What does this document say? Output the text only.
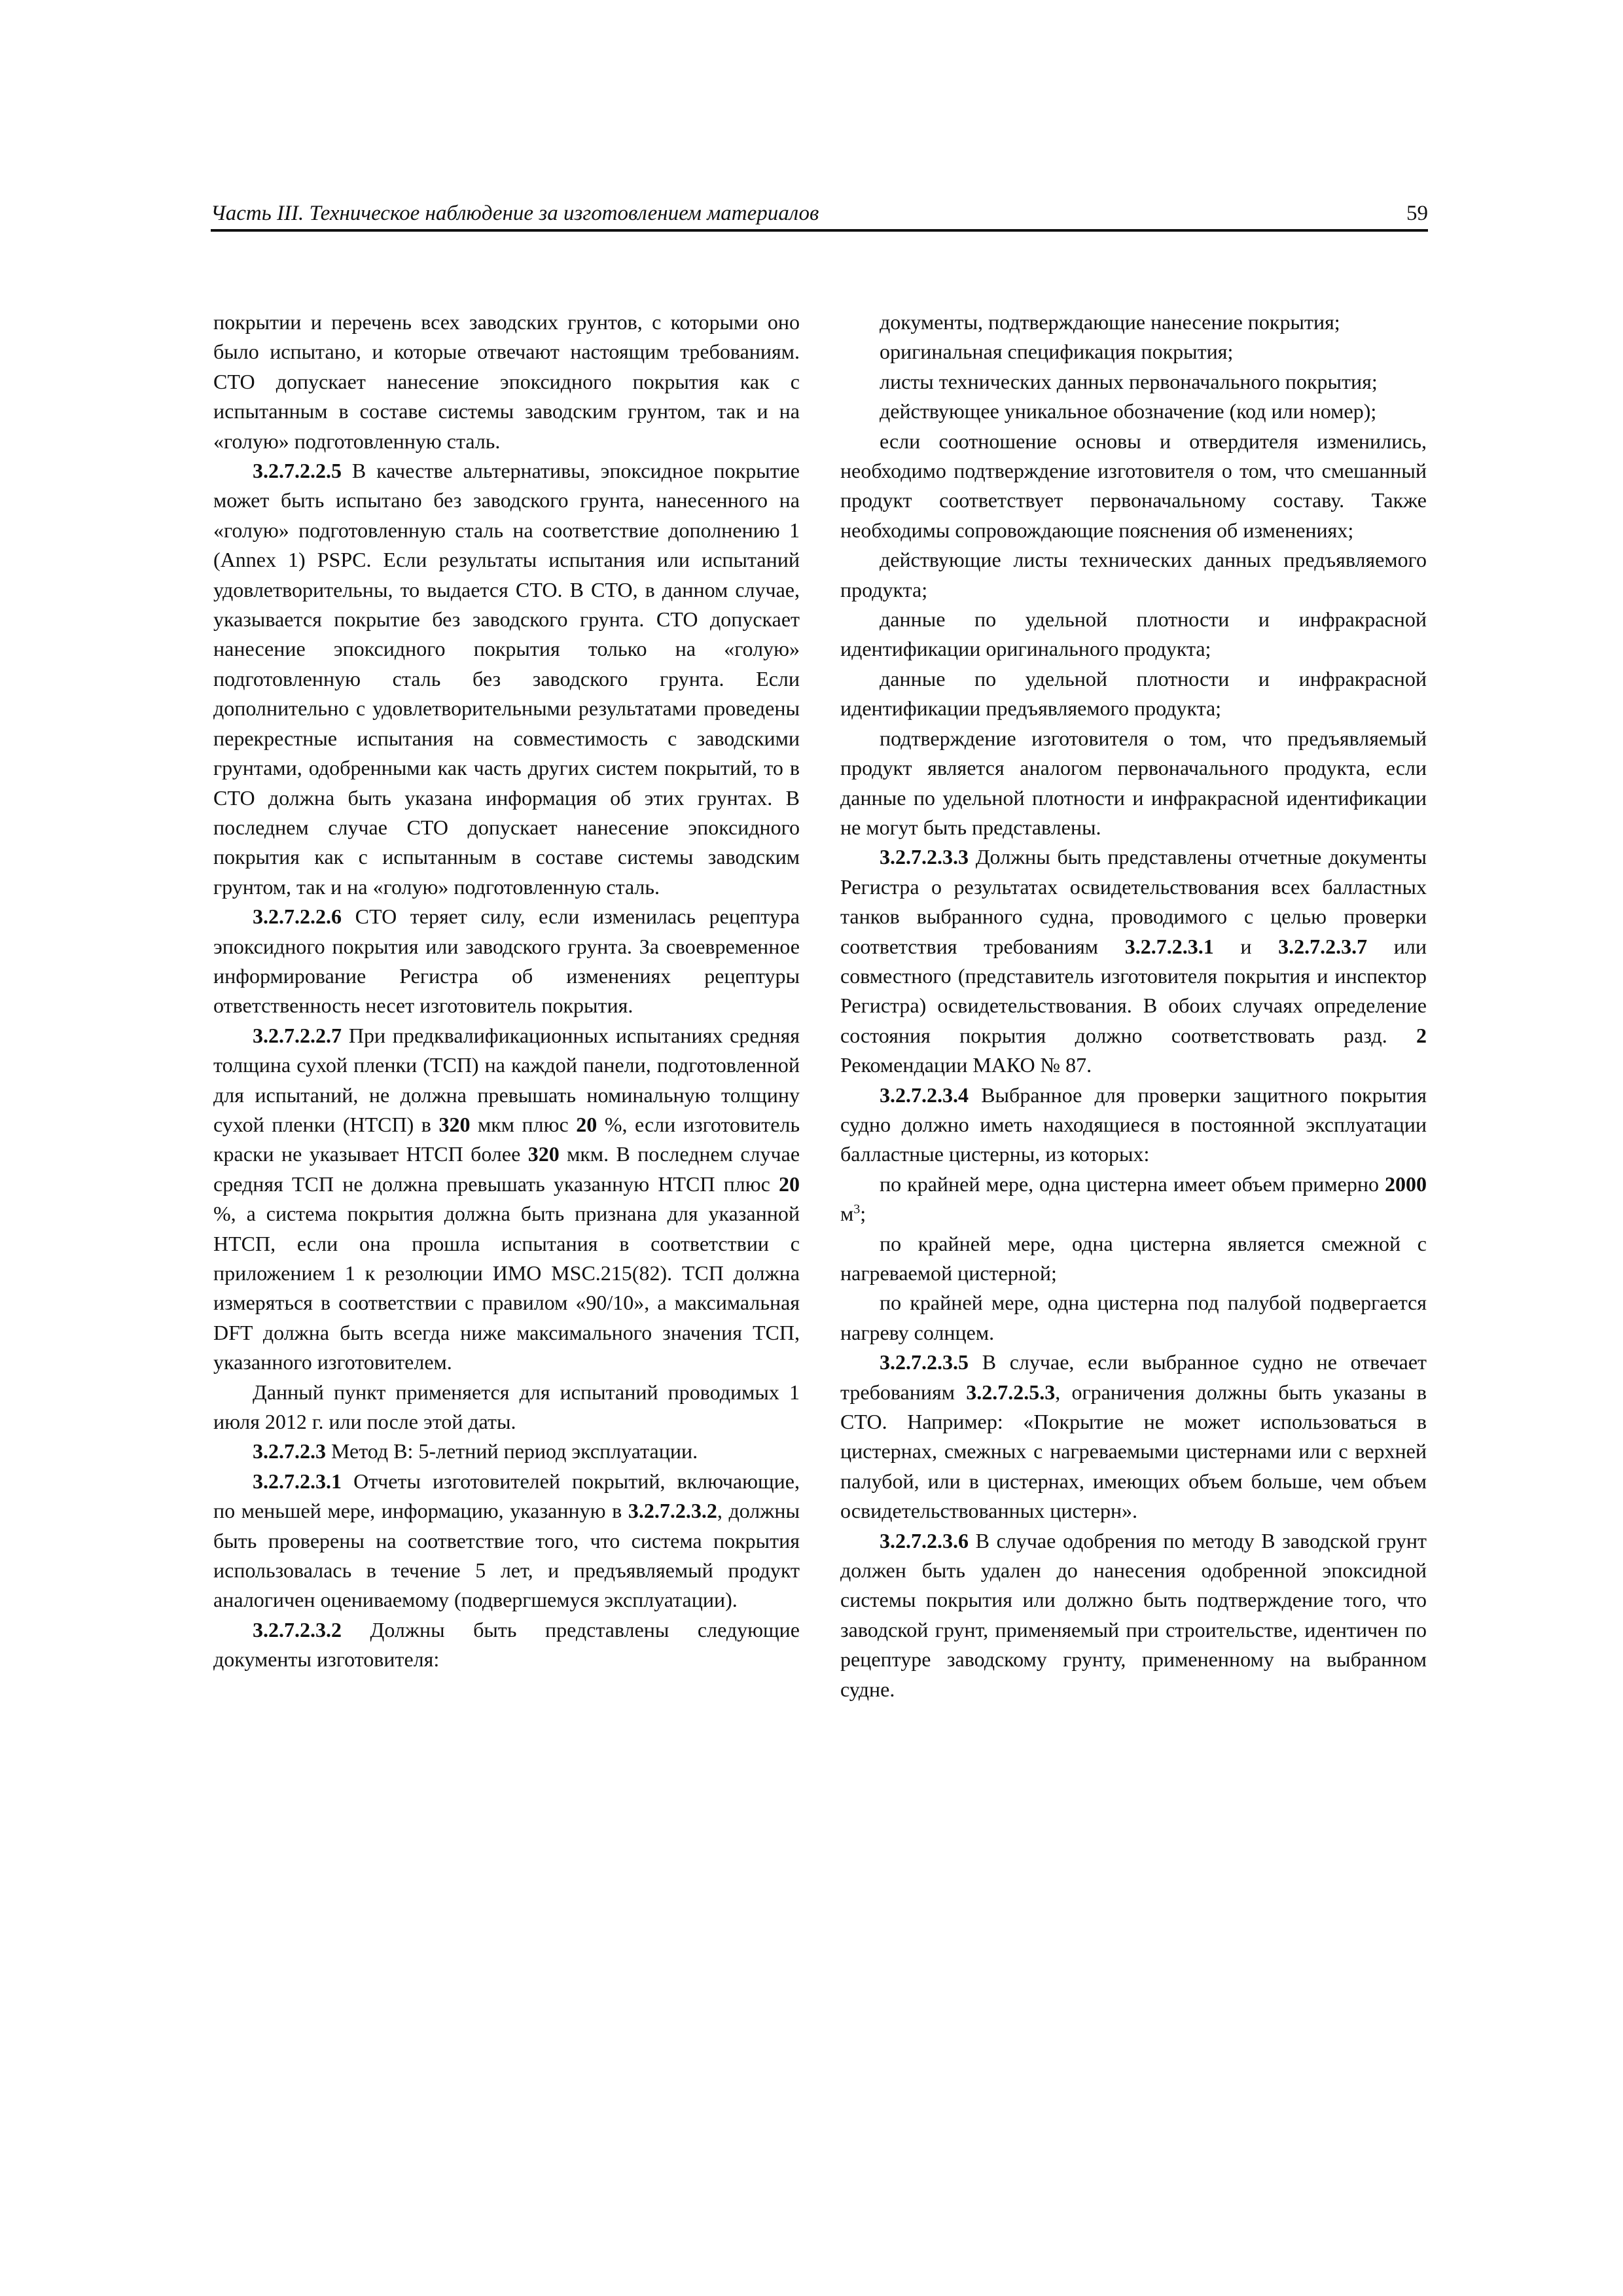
Часть III. Техническое наблюдение за изготовлением материалов	59

покрытии и перечень всех заводских грунтов, с которыми оно было испытано, и которые отвечают настоящим требованиям. СТО допускает нанесение эпоксидного покрытия как с испытанным в составе системы заводским грунтом, так и на «голую» подготовленную сталь.

3.2.7.2.2.5 В качестве альтернативы, эпоксидное покрытие может быть испытано без заводского грунта, нанесенного на «голую» подготовленную сталь на соответствие дополнению 1 (Annex 1) PSPC. Если результаты испытания или испытаний удовлетворительны, то выдается СТО. В СТО, в данном случае, указывается покрытие без заводского грунта. СТО допускает нанесение эпоксидного покрытия только на «голую» подготовленную сталь без заводского грунта. Если дополнительно с удовлетворительными результатами проведены перекрестные испытания на совместимость с заводскими грунтами, одобренными как часть других систем покрытий, то в СТО должна быть указана информация об этих грунтах. В последнем случае СТО допускает нанесение эпоксидного покрытия как с испытанным в составе системы заводским грунтом, так и на «голую» подготовленную сталь.

3.2.7.2.2.6 СТО теряет силу, если изменилась рецептура эпоксидного покрытия или заводского грунта. За своевременное информирование Регистра об изменениях рецептуры ответственность несет изготовитель покрытия.

3.2.7.2.2.7 При предквалификационных испытаниях средняя толщина сухой пленки (ТСП) на каждой панели, подготовленной для испытаний, не должна превышать номинальную толщину сухой пленки (НТСП) в 320 мкм плюс 20 %, если изготовитель краски не указывает НТСП более 320 мкм. В последнем случае средняя ТСП не должна превышать указанную НТСП плюс 20 %, а система покрытия должна быть признана для указанной НТСП, если она прошла испытания в соответствии с приложением 1 к резолюции ИМО MSC.215(82). ТСП должна измеряться в соответствии с правилом «90/10», а максимальная DFT должна быть всегда ниже максимального значения ТСП, указанного изготовителем.

Данный пункт применяется для испытаний проводимых 1 июля 2012 г. или после этой даты.

3.2.7.2.3 Метод B: 5-летний период эксплуатации.

3.2.7.2.3.1 Отчеты изготовителей покрытий, включающие, по меньшей мере, информацию, указанную в 3.2.7.2.3.2, должны быть проверены на соответствие того, что система покрытия использовалась в течение 5 лет, и предъявляемый продукт аналогичен оцениваемому (подвергшемуся эксплуатации).

3.2.7.2.3.2 Должны быть представлены следующие документы изготовителя:

документы, подтверждающие нанесение покрытия;

оригинальная спецификация покрытия;

листы технических данных первоначального покрытия;

действующее уникальное обозначение (код или номер);

если соотношение основы и отвердителя изменились, необходимо подтверждение изготовителя о том, что смешанный продукт соответствует первоначальному составу. Также необходимы сопровождающие пояснения об изменениях;

действующие листы технических данных предъявляемого продукта;

данные по удельной плотности и инфракрасной идентификации оригинального продукта;

данные по удельной плотности и инфракрасной идентификации предъявляемого продукта;

подтверждение изготовителя о том, что предъявляемый продукт является аналогом первоначального продукта, если данные по удельной плотности и инфракрасной идентификации не могут быть представлены.

3.2.7.2.3.3 Должны быть представлены отчетные документы Регистра о результатах освидетельствования всех балластных танков выбранного судна, проводимого с целью проверки соответствия требованиям 3.2.7.2.3.1 и 3.2.7.2.3.7 или совместного (представитель изготовителя покрытия и инспектор Регистра) освидетельствования. В обоих случаях определение состояния покрытия должно соответствовать разд. 2 Рекомендации МАКО № 87.

3.2.7.2.3.4 Выбранное для проверки защитного покрытия судно должно иметь находящиеся в постоянной эксплуатации балластные цистерны, из которых:

по крайней мере, одна цистерна имеет объем примерно 2000 $м^3$;

по крайней мере, одна цистерна является смежной с нагреваемой цистерной;

по крайней мере, одна цистерна под палубой подвергается нагреву солнцем.

3.2.7.2.3.5 В случае, если выбранное судно не отвечает требованиям 3.2.7.2.5.3, ограничения должны быть указаны в СТО. Например: «Покрытие не может использоваться в цистернах, смежных с нагреваемыми цистернами или с верхней палубой, или в цистернах, имеющих объем больше, чем объем освидетельствованных цистерн».

3.2.7.2.3.6 В случае одобрения по методу B заводской грунт должен быть удален до нанесения одобренной эпоксидной системы покрытия или должно быть подтверждение того, что заводской грунт, применяемый при строительстве, идентичен по рецептуре заводскому грунту, примененному на выбранном судне.
